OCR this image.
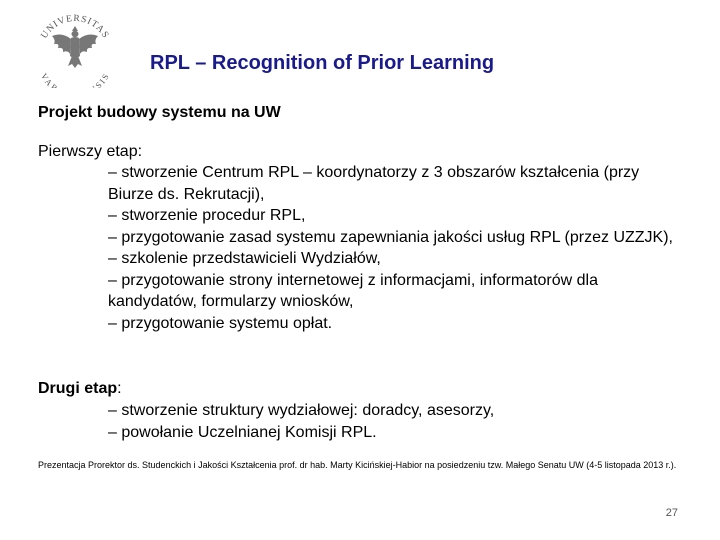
UNIVERSITAS
VAR SIS
RPL – Recognition of Prior Learning
Projekt budowy systemu na UW
Pierwszy etap:
– stworzenie Centrum RPL – koordynatorzy z 3 obszarów kształcenia (przy Biurze ds. Rekrutacji),
– stworzenie procedur RPL,
– przygotowanie zasad systemu zapewniania jakości usług RPL (przez UZZJK),
– szkolenie przedstawicieli Wydziałów,
– przygotowanie strony internetowej z informacjami, informatorów dla kandydatów, formularzy wniosków,
– przygotowanie systemu opłat.
Drugi etap:
– stworzenie struktury wydziałowej: doradcy, asesorzy,
– powołanie Uczelnianej Komisji RPL.
Prezentacja Prorektor ds. Studenckich i Jakości Kształcenia prof. dr hab. Marty Kicińskiej-Habior na posiedzeniu tzw. Małego Senatu UW (4-5 listopada 2013 r.).
27
